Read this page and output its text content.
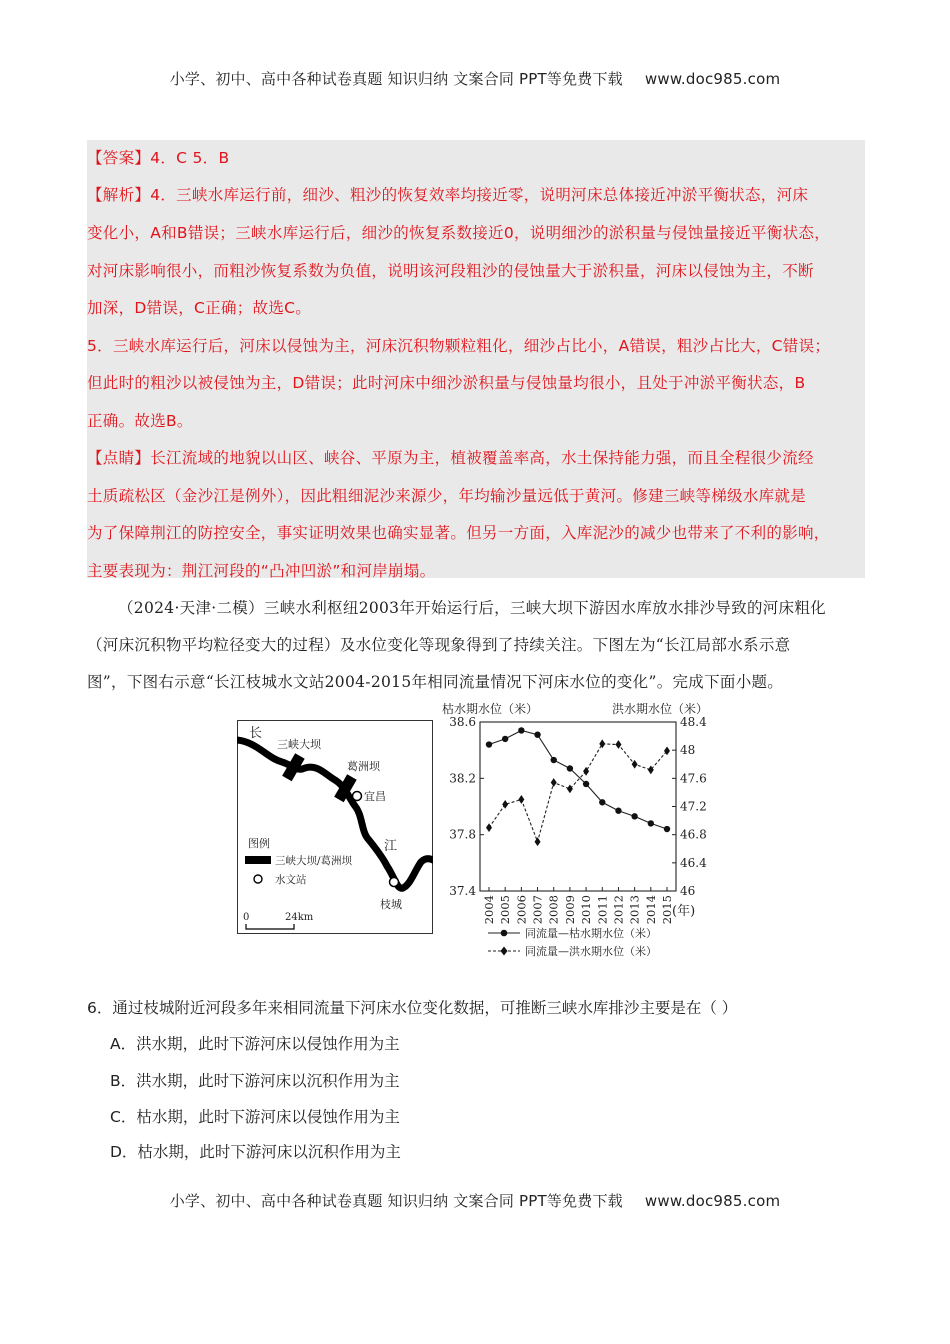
小学、初中、高中各种试卷真题 知识归纳 文案合同 PPT等免费下载 www.doc985.com
【答案】4．C 5．B
【解析】4．三峡水库运行前，细沙、粗沙的恢复效率均接近零，说明河床总体接近冲淤平衡状态，河床
变化小，A和B错误；三峡水库运行后，细沙的恢复系数接近0，说明细沙的淤积量与侵蚀量接近平衡状态，
对河床影响很小，而粗沙恢复系数为负值，说明该河段粗沙的侵蚀量大于淤积量，河床以侵蚀为主，不断
加深，D错误，C正确；故选C。
5．三峡水库运行后，河床以侵蚀为主，河床沉积物颗粒粗化，细沙占比小，A错误，粗沙占比大，C错误；
但此时的粗沙以被侵蚀为主，D错误；此时河床中细沙淤积量与侵蚀量均很小，且处于冲淤平衡状态，B
正确。故选B。
【点睛】长江流域的地貌以山区、峡谷、平原为主，植被覆盖率高，水土保持能力强，而且全程很少流经
土质疏松区（金沙江是例外），因此粗细泥沙来源少，年均输沙量远低于黄河。修建三峡等梯级水库就是
为了保障荆江的防控安全，事实证明效果也确实显著。但另一方面，入库泥沙的减少也带来了不利的影响，
主要表现为：荆江河段的“凸冲凹淤”和河岸崩塌。
（2024·天津·二模）三峡水利枢纽2003年开始运行后，三峡大坝下游因水库放水排沙导致的河床粗化
（河床沉积物平均粒径变大的过程）及水位变化等现象得到了持续关注。下图左为“长江局部水系示意
图”，下图右示意“长江枝城水文站2004-2015年相同流量情况下河床水位的变化”。完成下面小题。
长
江
三峡大坝
葛洲坝
宜昌
枝城
图例
三峡大坝/葛洲坝
水文站
0	24km
枯水期水位（米）	洪水期水位（米）
37.4
37.8
38.2
38.6
46
46.4
46.8
47.2
47.6
48
48.4
2004 2005 2006 2007 2008 2009 2010 2011 2012 2013 2014 2015
(年)
同流量—枯水期水位（米）
同流量—洪水期水位（米）
6．通过枝城附近河段多年来相同流量下河床水位变化数据，可推断三峡水库排沙主要是在（ ）
A．洪水期，此时下游河床以侵蚀作用为主
B．洪水期，此时下游河床以沉积作用为主
C．枯水期，此时下游河床以侵蚀作用为主
D．枯水期，此时下游河床以沉积作用为主
小学、初中、高中各种试卷真题 知识归纳 文案合同 PPT等免费下载 www.doc985.com
